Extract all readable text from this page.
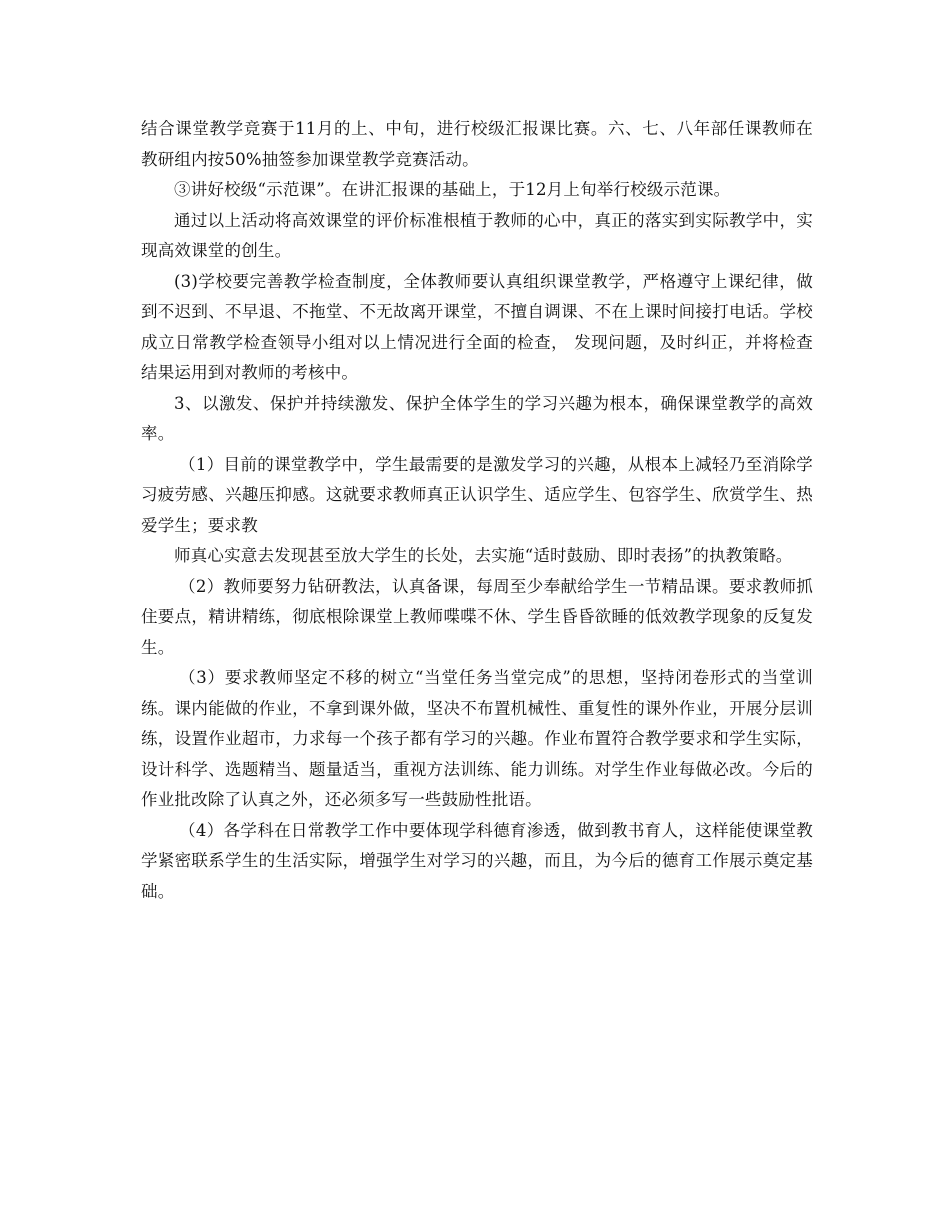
结合课堂教学竞赛于11月的上、中旬，进行校级汇报课比赛。六、七、八年部任课教师在教研组内按50%抽签参加课堂教学竞赛活动。

③讲好校级“示范课”。在讲汇报课的基础上，于12月上旬举行校级示范课。

通过以上活动将高效课堂的评价标准根植于教师的心中，真正的落实到实际教学中，实现高效课堂的创生。

(3)学校要完善教学检查制度，全体教师要认真组织课堂教学，严格遵守上课纪律，做到不迟到、不早退、不拖堂、不无故离开课堂，不擅自调课、不在上课时间接打电话。学校成立日常教学检查领导小组对以上情况进行全面的检查， 发现问题，及时纠正，并将检查结果运用到对教师的考核中。

3、以激发、保护并持续激发、保护全体学生的学习兴趣为根本，确保课堂教学的高效率。

（1）目前的课堂教学中，学生最需要的是激发学习的兴趣，从根本上减轻乃至消除学习疲劳感、兴趣压抑感。这就要求教师真正认识学生、适应学生、包容学生、欣赏学生、热爱学生；要求教

师真心实意去发现甚至放大学生的长处，去实施“适时鼓励、即时表扬”的执教策略。

（2）教师要努力钻研教法，认真备课，每周至少奉献给学生一节精品课。要求教师抓住要点，精讲精练，彻底根除课堂上教师喋喋不休、学生昏昏欲睡的低效教学现象的反复发生。

（3）要求教师坚定不移的树立“当堂任务当堂完成”的思想，坚持闭卷形式的当堂训练。课内能做的作业，不拿到课外做，坚决不布置机械性、重复性的课外作业，开展分层训练，设置作业超市，力求每一个孩子都有学习的兴趣。作业布置符合教学要求和学生实际，设计科学、选题精当、题量适当，重视方法训练、能力训练。对学生作业每做必改。今后的作业批改除了认真之外，还必须多写一些鼓励性批语。

（4）各学科在日常教学工作中要体现学科德育渗透，做到教书育人，这样能使课堂教学紧密联系学生的生活实际，增强学生对学习的兴趣，而且，为今后的德育工作展示奠定基础。
